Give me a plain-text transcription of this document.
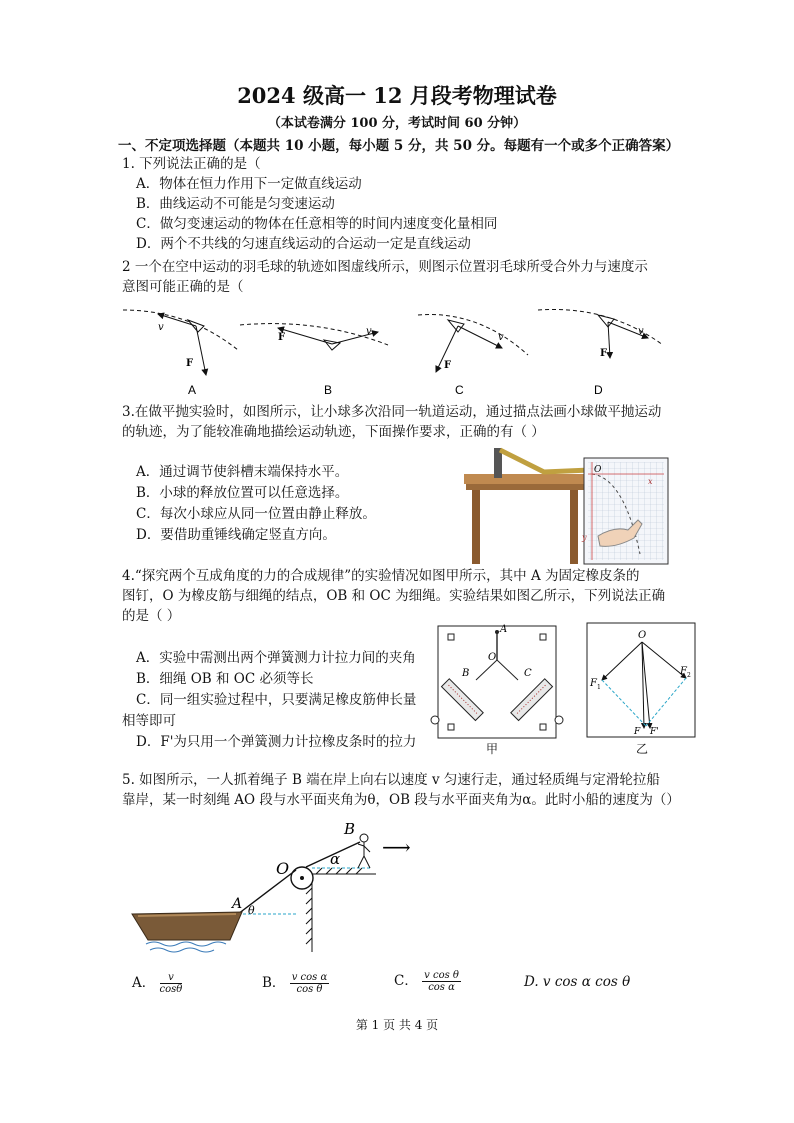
2024 级高一 12 月段考物理试卷
（本试卷满分 100 分，考试时间 60 分钟）
一、不定项选择题（本题共 10 小题，每小题 5 分，共 50 分。每题有一个或多个正确答案）
1. 下列说法正确的是（
A．物体在恒力作用下一定做直线运动
B．曲线运动不可能是匀变速运动
C．做匀变速运动的物体在任意相等的时间内速度变化量相同
D．两个不共线的匀速直线运动的合运动一定是直线运动
2 一个在空中运动的羽毛球的轨迹如图虚线所示，则图示位置羽毛球所受合外力与速度示
意图可能正确的是（
v
F
A
v
F
B
v
F
C
v
F
D
3.在做平抛实验时，如图所示，让小球多次沿同一轨道运动，通过描点法画小球做平抛运动
的轨迹，为了能较准确地描绘运动轨迹，下面操作要求，正确的有（ ）
A．通过调节使斜槽末端保持水平。
B．小球的释放位置可以任意选择。
C．每次小球应从同一位置由静止释放。
D．要借助重锤线确定竖直方向。
O
x
y
4.“探究两个互成角度的力的合成规律”的实验情况如图甲所示，其中 A 为固定橡皮条的
图钉，O 为橡皮筋与细绳的结点，OB 和 OC 为细绳。实验结果如图乙所示，下列说法正确
的是（ ）
A．实验中需测出两个弹簧测力计拉力间的夹角
B．细绳 OB 和 OC 必须等长
C．同一组实验过程中，只要满足橡皮筋伸长量
相等即可
D．F'为只用一个弹簧测力计拉橡皮条时的拉力
A
O
B	C
甲
O
F 1
F 2
F F'
乙
5. 如图所示，一人抓着绳子 B 端在岸上向右以速度 v 匀速行走，通过轻质绳与定滑轮拉船
靠岸，某一时刻绳 AO 段与水平面夹角为θ，OB 段与水平面夹角为α。此时小船的速度为（）
A θ
O	α
B
⟶
A． $\frac{v}{\cos\theta}$	B． $\frac{\text{v cos α}}{\text{cos θ}}$	C． $\frac{\text{v cos θ}}{\text{cos α}}$	D. v cos α cos θ
第 1 页 共 4 页
